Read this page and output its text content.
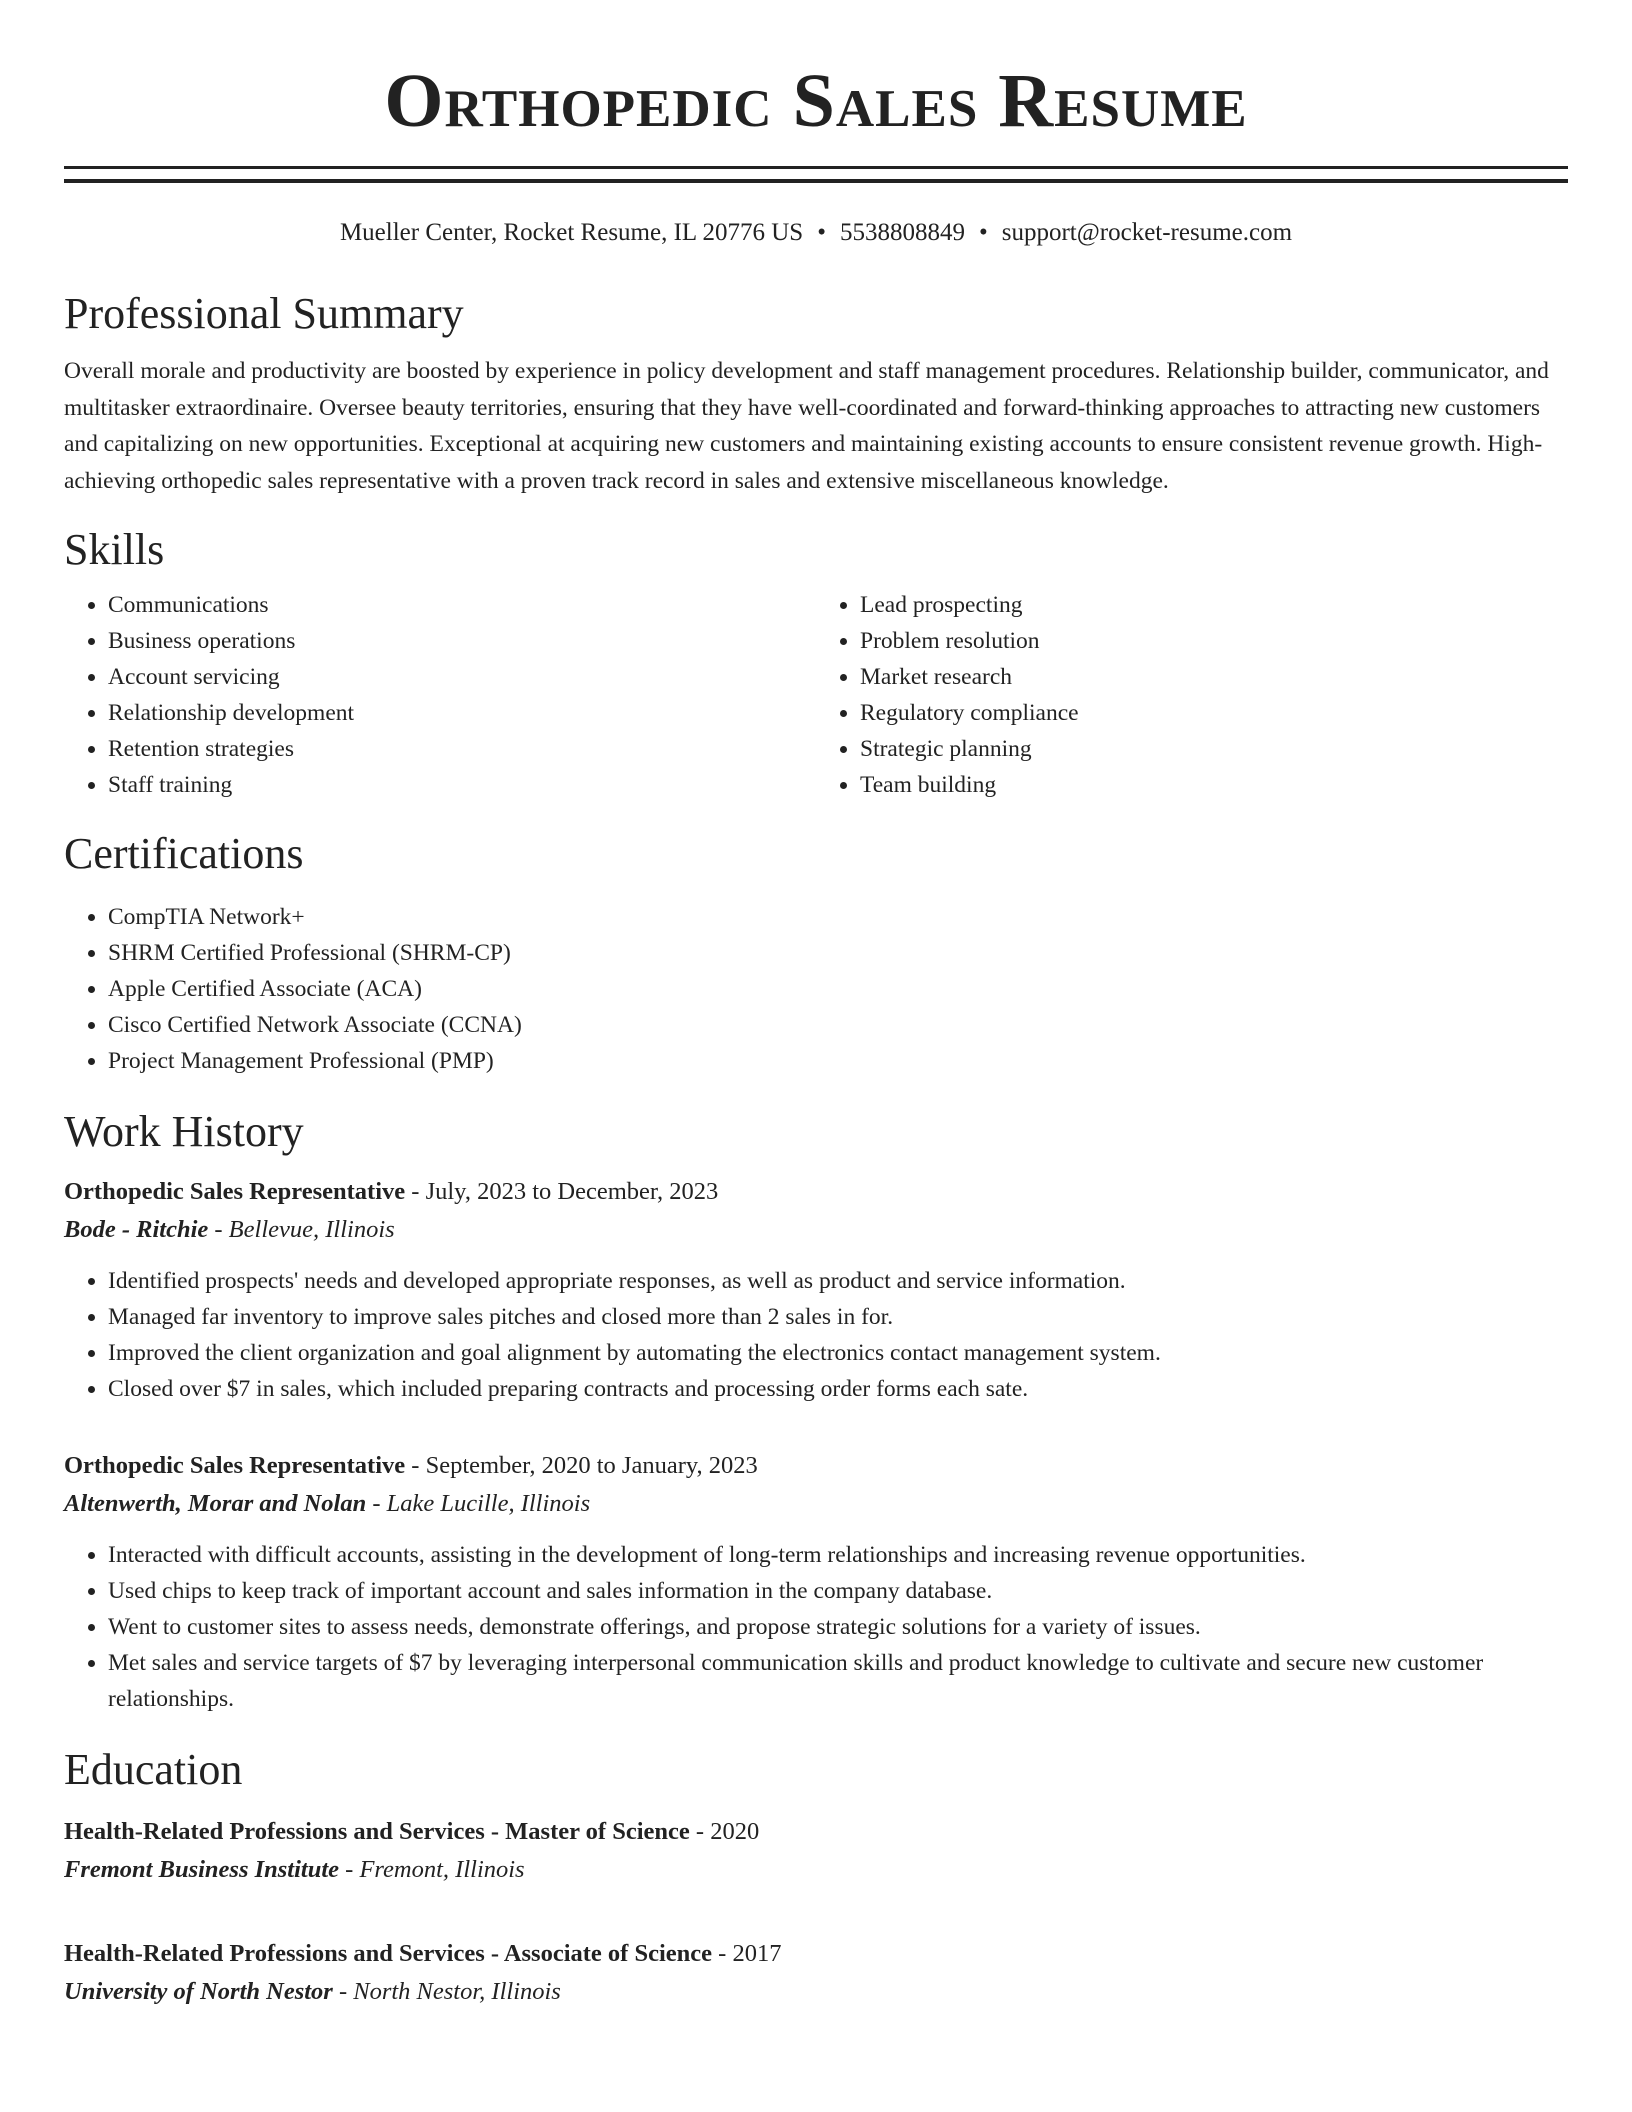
Orthopedic Sales Resume
Mueller Center, Rocket Resume, IL 20776 US • 5538808849 • support@rocket-resume.com
Professional Summary

Overall morale and productivity are boosted by experience in policy development and staff management procedures. Relationship builder, communicator, and multitasker extraordinaire. Oversee beauty territories, ensuring that they have well-coordinated and forward-thinking approaches to attracting new customers and capitalizing on new opportunities. Exceptional at acquiring new customers and maintaining existing accounts to ensure consistent revenue growth. High-achieving orthopedic sales representative with a proven track record in sales and extensive miscellaneous knowledge.

Skills
• Communications
• Business operations
• Account servicing
• Relationship development
• Retention strategies
• Staff training
• Lead prospecting
• Problem resolution
• Market research
• Regulatory compliance
• Strategic planning
• Team building
Certifications
• CompTIA Network+
• SHRM Certified Professional (SHRM-CP)
• Apple Certified Associate (ACA)
• Cisco Certified Network Associate (CCNA)
• Project Management Professional (PMP)
Work History
Orthopedic Sales Representative - July, 2023 to December, 2023
Bode - Ritchie - Bellevue, Illinois
• Identified prospects' needs and developed appropriate responses, as well as product and service information.
• Managed far inventory to improve sales pitches and closed more than 2 sales in for.
• Improved the client organization and goal alignment by automating the electronics contact management system.
• Closed over $7 in sales, which included preparing contracts and processing order forms each sate.
Orthopedic Sales Representative - September, 2020 to January, 2023
Altenwerth, Morar and Nolan - Lake Lucille, Illinois
• Interacted with difficult accounts, assisting in the development of long-term relationships and increasing revenue opportunities.
• Used chips to keep track of important account and sales information in the company database.
• Went to customer sites to assess needs, demonstrate offerings, and propose strategic solutions for a variety of issues.
• Met sales and service targets of $7 by leveraging interpersonal communication skills and product knowledge to cultivate and secure new customer relationships.
Education
Health-Related Professions and Services - Master of Science - 2020
Fremont Business Institute - Fremont, Illinois
Health-Related Professions and Services - Associate of Science - 2017
University of North Nestor - North Nestor, Illinois
